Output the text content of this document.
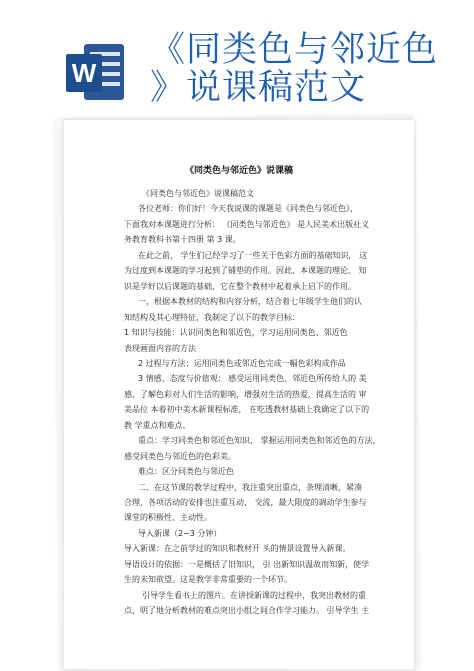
W
《同类色与邻近色
》说课稿范文
《同类色与邻近色》说课稿
《同类色与邻近色》说课稿范文
各位老师：你们好！今天我说课的课题是《同类色与邻近色》，
下面我对本课题进行分析： 《同类色与邻近色》 是人民美术出版社义
务教育教科书第十四册 第 3 课。
在此之前， 学生们已经学习了一些关于色彩方面的基础知识， 这
为过度到本课题的学习起到了铺垫的作用。因此，本课题的理论、 知
识是学好以后课题的基础，它在整个教材中起着承上启下的作用。
一，根据本教材的结构和内容分析，结合着七年级学生他们的认
知结构及其心理特征，我制定了以下的教学目标：
1 知识与技能：认识同类色和邻近色，学习运用同类色、邻近色
表现画面内容的方法
2 过程与方法：运用同类色或邻近色完成一幅色彩构成作品
3 情感、态度与价值观： 感受运用同类色、邻近色所传给人的 美
感，了解色彩对人们生活的影响，增强对生活的热爱，提高生活的 审
美品位 本着初中美术新课程标准， 在吃透教材基础上我确定了以下的
教 学重点和难点。
重点：学习同类色和邻近色知识， 掌握运用同类色和邻近色的方法，
感受同类色与邻近色的色彩美。
难点：区分同类色与邻近色
二、在这节课的教学过程中，我注重突出重点，条理清晰，紧凑
合理，各项活动的安排也注重互动、 交流，最大限度的调动学生参与
课堂的积极性、主动性。
导入新课（2~3 分钟）
导入新课：在之前学过的知识和教材开 头的情景设置导入新课。
导语设计的依据：一是概括了旧知识， 引 出新知识温故而知新，使学
生的未知欲望。这是教学非常重要的一个环节。
引导学生看书上的图片。在讲授新课的过程中，我突出教材的重
点，明了地分析教材的难点突出小组之间合作学习能力。 引导学生 主
